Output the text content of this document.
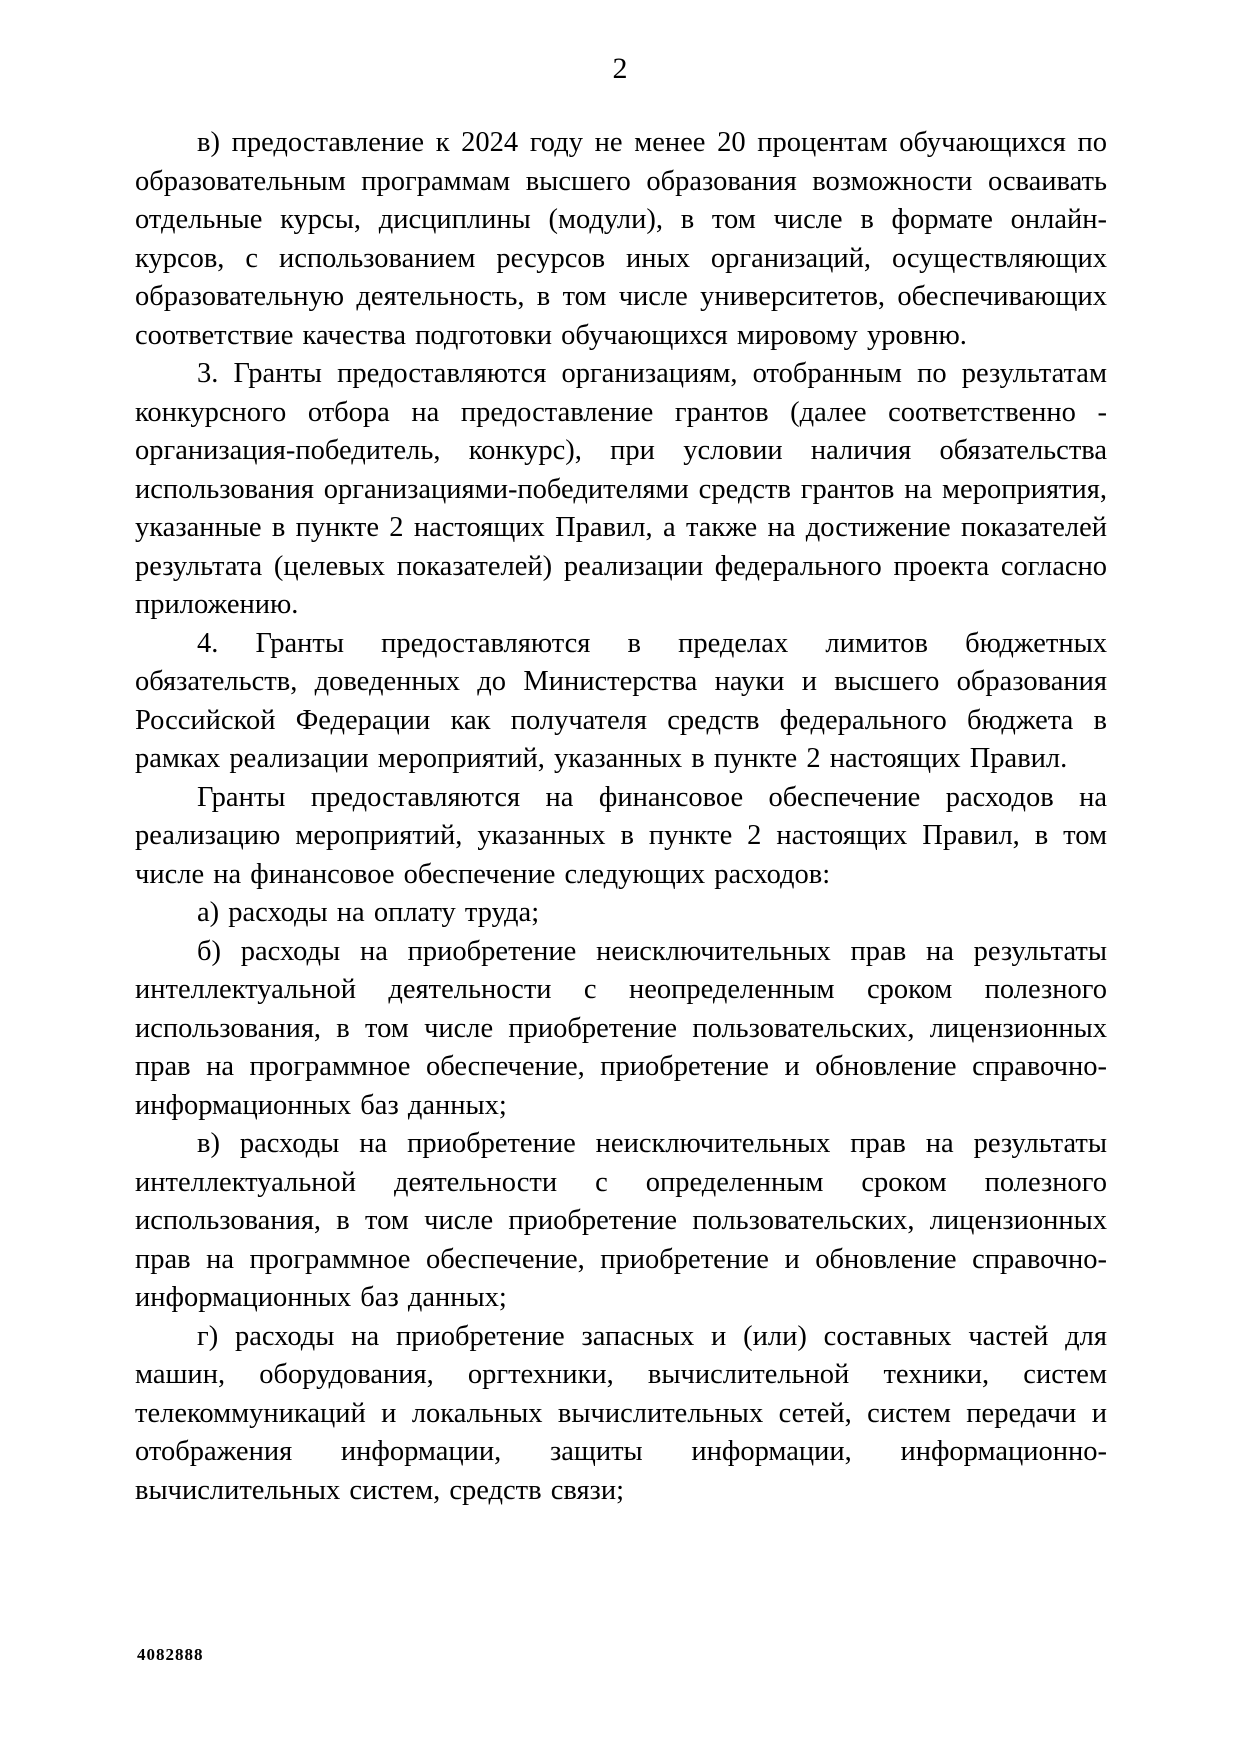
2

в) предоставление к 2024 году не менее 20 процентам обучающихся по образовательным программам высшего образования возможности осваивать отдельные курсы, дисциплины (модули), в том числе в формате онлайн-курсов, с использованием ресурсов иных организаций, осуществляющих образовательную деятельность, в том числе университетов, обеспечивающих соответствие качества подготовки обучающихся мировому уровню.

3. Гранты предоставляются организациям, отобранным по результатам конкурсного отбора на предоставление грантов (далее соответственно - организация-победитель, конкурс), при условии наличия обязательства использования организациями-победителями средств грантов на мероприятия, указанные в пункте 2 настоящих Правил, а также на достижение показателей результата (целевых показателей) реализации федерального проекта согласно приложению.

4. Гранты предоставляются в пределах лимитов бюджетных обязательств, доведенных до Министерства науки и высшего образования Российской Федерации как получателя средств федерального бюджета в рамках реализации мероприятий, указанных в пункте 2 настоящих Правил.

Гранты предоставляются на финансовое обеспечение расходов на реализацию мероприятий, указанных в пункте 2 настоящих Правил, в том числе на финансовое обеспечение следующих расходов:

а) расходы на оплату труда;

б) расходы на приобретение неисключительных прав на результаты интеллектуальной деятельности с неопределенным сроком полезного использования, в том числе приобретение пользовательских, лицензионных прав на программное обеспечение, приобретение и обновление справочно-информационных баз данных;

в) расходы на приобретение неисключительных прав на результаты интеллектуальной деятельности с определенным сроком полезного использования, в том числе приобретение пользовательских, лицензионных прав на программное обеспечение, приобретение и обновление справочно-информационных баз данных;

г) расходы на приобретение запасных и (или) составных частей для машин, оборудования, оргтехники, вычислительной техники, систем телекоммуникаций и локальных вычислительных сетей, систем передачи и отображения информации, защиты информации, информационно-вычислительных систем, средств связи;

4082888
